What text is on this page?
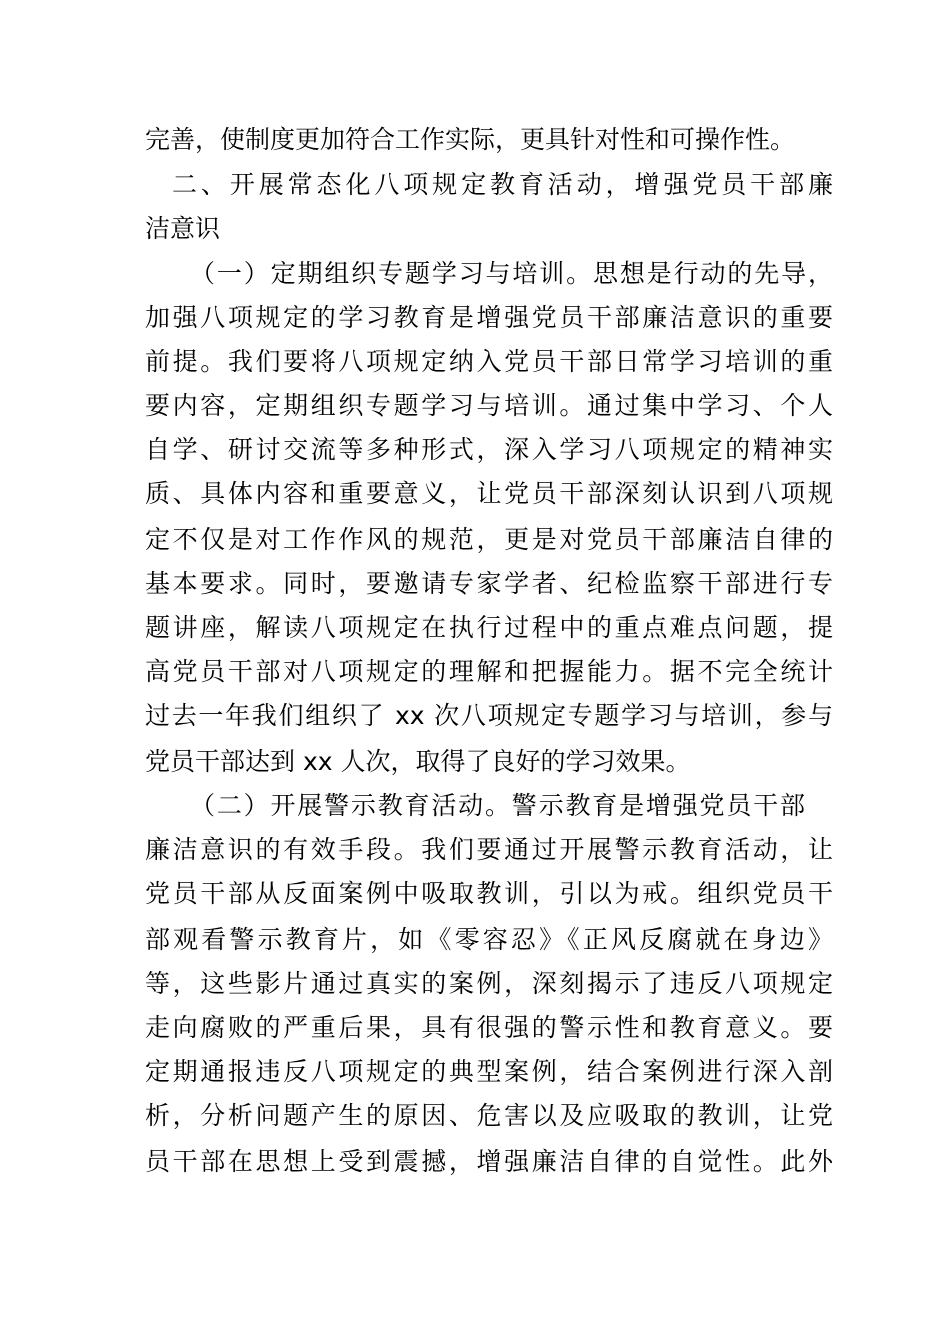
完善，使制度更加符合工作实际，更具针对性和可操作性。
二、开展常态化八项规定教育活动，增强党员干部廉
洁意识
（一）定期组织专题学习与培训。思想是行动的先导，
加强八项规定的学习教育是增强党员干部廉洁意识的重要
前提。我们要将八项规定纳入党员干部日常学习培训的重
要内容，定期组织专题学习与培训。通过集中学习、个人
自学、研讨交流等多种形式，深入学习八项规定的精神实
质、具体内容和重要意义，让党员干部深刻认识到八项规
定不仅是对工作作风的规范，更是对党员干部廉洁自律的
基本要求。同时，要邀请专家学者、纪检监察干部进行专
题讲座，解读八项规定在执行过程中的重点难点问题，提
高党员干部对八项规定的理解和把握能力。据不完全统计
过去一年我们组织了 xx 次八项规定专题学习与培训，参与
党员干部达到 xx 人次，取得了良好的学习效果。
（二）开展警示教育活动。警示教育是增强党员干部
廉洁意识的有效手段。我们要通过开展警示教育活动，让
党员干部从反面案例中吸取教训，引以为戒。组织党员干
部观看警示教育片，如《零容忍》《正风反腐就在身边》
等，这些影片通过真实的案例，深刻揭示了违反八项规定
走向腐败的严重后果，具有很强的警示性和教育意义。要
定期通报违反八项规定的典型案例，结合案例进行深入剖
析，分析问题产生的原因、危害以及应吸取的教训，让党
员干部在思想上受到震撼，增强廉洁自律的自觉性。此外
